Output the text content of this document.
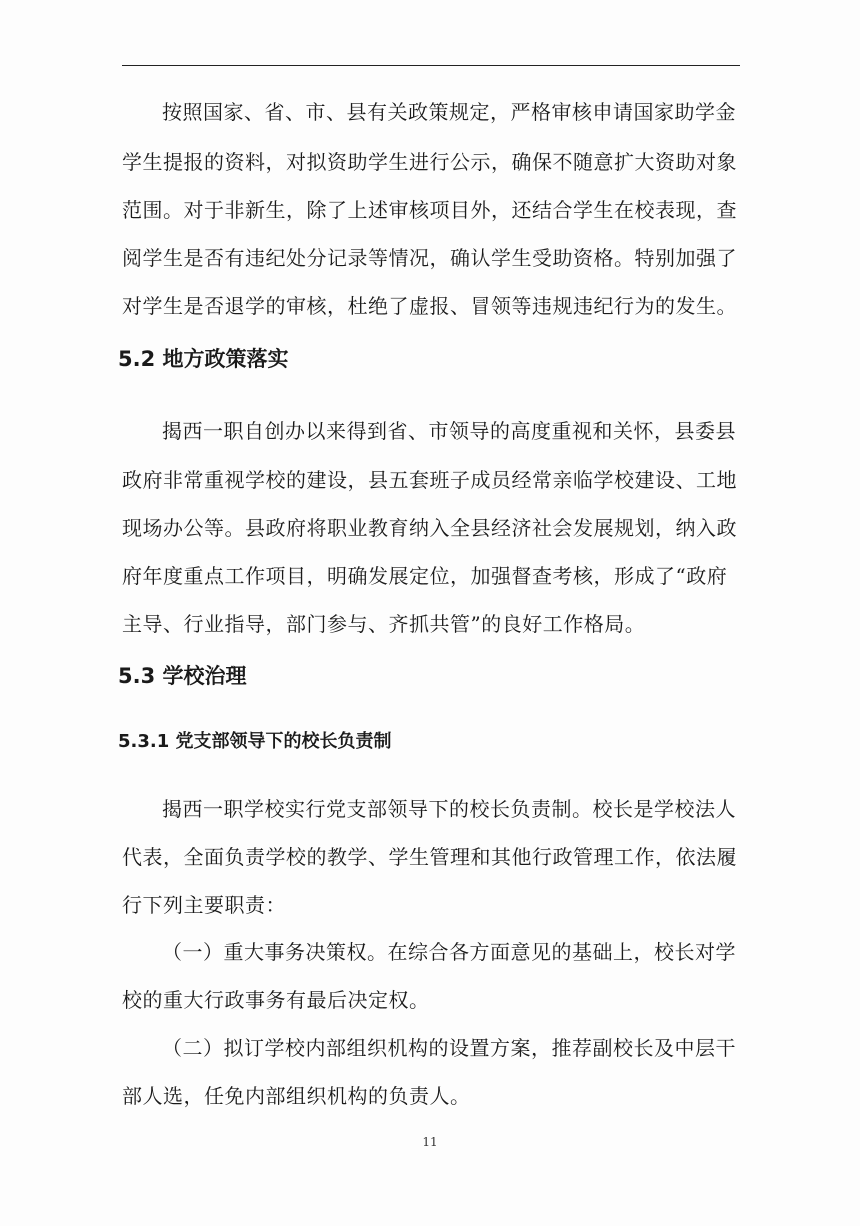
按照国家、省、市、县有关政策规定，严格审核申请国家助学金
学生提报的资料，对拟资助学生进行公示，确保不随意扩大资助对象
范围。对于非新生，除了上述审核项目外，还结合学生在校表现，查
阅学生是否有违纪处分记录等情况，确认学生受助资格。特别加强了
对学生是否退学的审核，杜绝了虚报、冒领等违规违纪行为的发生。
5.2 地方政策落实
揭西一职自创办以来得到省、市领导的高度重视和关怀，县委县
政府非常重视学校的建设，县五套班子成员经常亲临学校建设、工地
现场办公等。县政府将职业教育纳入全县经济社会发展规划，纳入政
府年度重点工作项目，明确发展定位，加强督查考核，形成了“政府
主导、行业指导，部门参与、齐抓共管”的良好工作格局。
5.3 学校治理
5.3.1 党支部领导下的校长负责制
揭西一职学校实行党支部领导下的校长负责制。校长是学校法人
代表，全面负责学校的教学、学生管理和其他行政管理工作，依法履
行下列主要职责：
（一）重大事务决策权。在综合各方面意见的基础上，校长对学
校的重大行政事务有最后决定权。
（二）拟订学校内部组织机构的设置方案，推荐副校长及中层干
部人选，任免内部组织机构的负责人。
11
